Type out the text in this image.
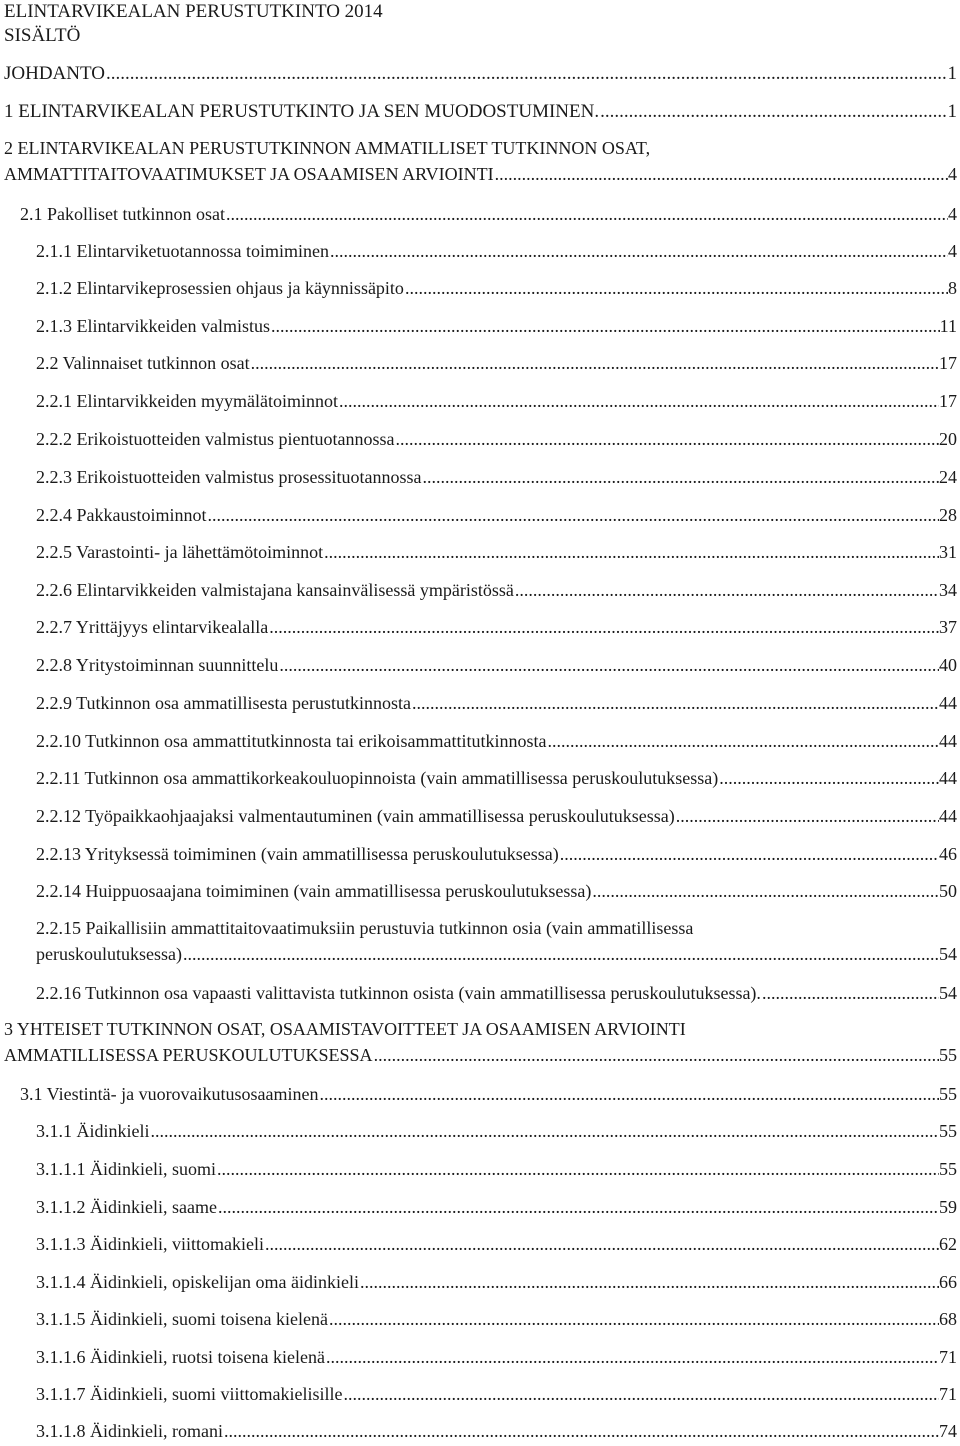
ELINTARVIKEALAN PERUSTUTKINTO 2014
SISÄLTÖ
JOHDANTO .....	1
1 ELINTARVIKEALAN PERUSTUTKINTO JA SEN MUODOSTUMINEN. .....	1
2 ELINTARVIKEALAN PERUSTUTKINNON AMMATILLISET TUTKINNON OSAT,
AMMATTITAITOVAATIMUKSET JA OSAAMISEN ARVIOINTI .....	4
2.1 Pakolliset tutkinnon osat .....	4
2.1.1 Elintarviketuotannossa toimiminen .....	4
2.1.2 Elintarvikeprosessien ohjaus ja käynnissäpito .....	8
2.1.3 Elintarvikkeiden valmistus .....	11
2.2 Valinnaiset tutkinnon osat .....	17
2.2.1 Elintarvikkeiden myymälätoiminnot .....	17
2.2.2 Erikoistuotteiden valmistus pientuotannossa .....	20
2.2.3 Erikoistuotteiden valmistus prosessituotannossa .....	24
2.2.4 Pakkaustoiminnot .....	28
2.2.5 Varastointi- ja lähettämötoiminnot .....	31
2.2.6 Elintarvikkeiden valmistajana kansainvälisessä ympäristössä .....	34
2.2.7 Yrittäjyys elintarvikealalla .....	37
2.2.8 Yritystoiminnan suunnittelu .....	40
2.2.9 Tutkinnon osa ammatillisesta perustutkinnosta .....	44
2.2.10 Tutkinnon osa ammattitutkinnosta tai erikoisammattitutkinnosta .....	44
2.2.11 Tutkinnon osa ammattikorkeakouluopinnoista (vain ammatillisessa peruskoulutuksessa) .....	44
2.2.12 Työpaikkaohjaajaksi valmentautuminen (vain ammatillisessa peruskoulutuksessa) .....	44
2.2.13 Yrityksessä toimiminen (vain ammatillisessa peruskoulutuksessa) .....	46
2.2.14 Huippuosaajana toimiminen (vain ammatillisessa peruskoulutuksessa) .....	50
2.2.15 Paikallisiin ammattitaitovaatimuksiin perustuvia tutkinnon osia (vain ammatillisessa
peruskoulutuksessa) .....	54
2.2.16 Tutkinnon osa vapaasti valittavista tutkinnon osista (vain ammatillisessa peruskoulutuksessa). .....	54
3 YHTEISET TUTKINNON OSAT, OSAAMISTAVOITTEET JA OSAAMISEN ARVIOINTI
AMMATILLISESSA PERUSKOULUTUKSESSA .....	55
3.1 Viestintä- ja vuorovaikutusosaaminen .....	55
3.1.1 Äidinkieli .....	55
3.1.1.1 Äidinkieli, suomi .....	55
3.1.1.2 Äidinkieli, saame .....	59
3.1.1.3 Äidinkieli, viittomakieli .....	62
3.1.1.4 Äidinkieli, opiskelijan oma äidinkieli .....	66
3.1.1.5 Äidinkieli, suomi toisena kielenä .....	68
3.1.1.6 Äidinkieli, ruotsi toisena kielenä .....	71
3.1.1.7 Äidinkieli, suomi viittomakielisille .....	71
3.1.1.8 Äidinkieli, romani .....	74
